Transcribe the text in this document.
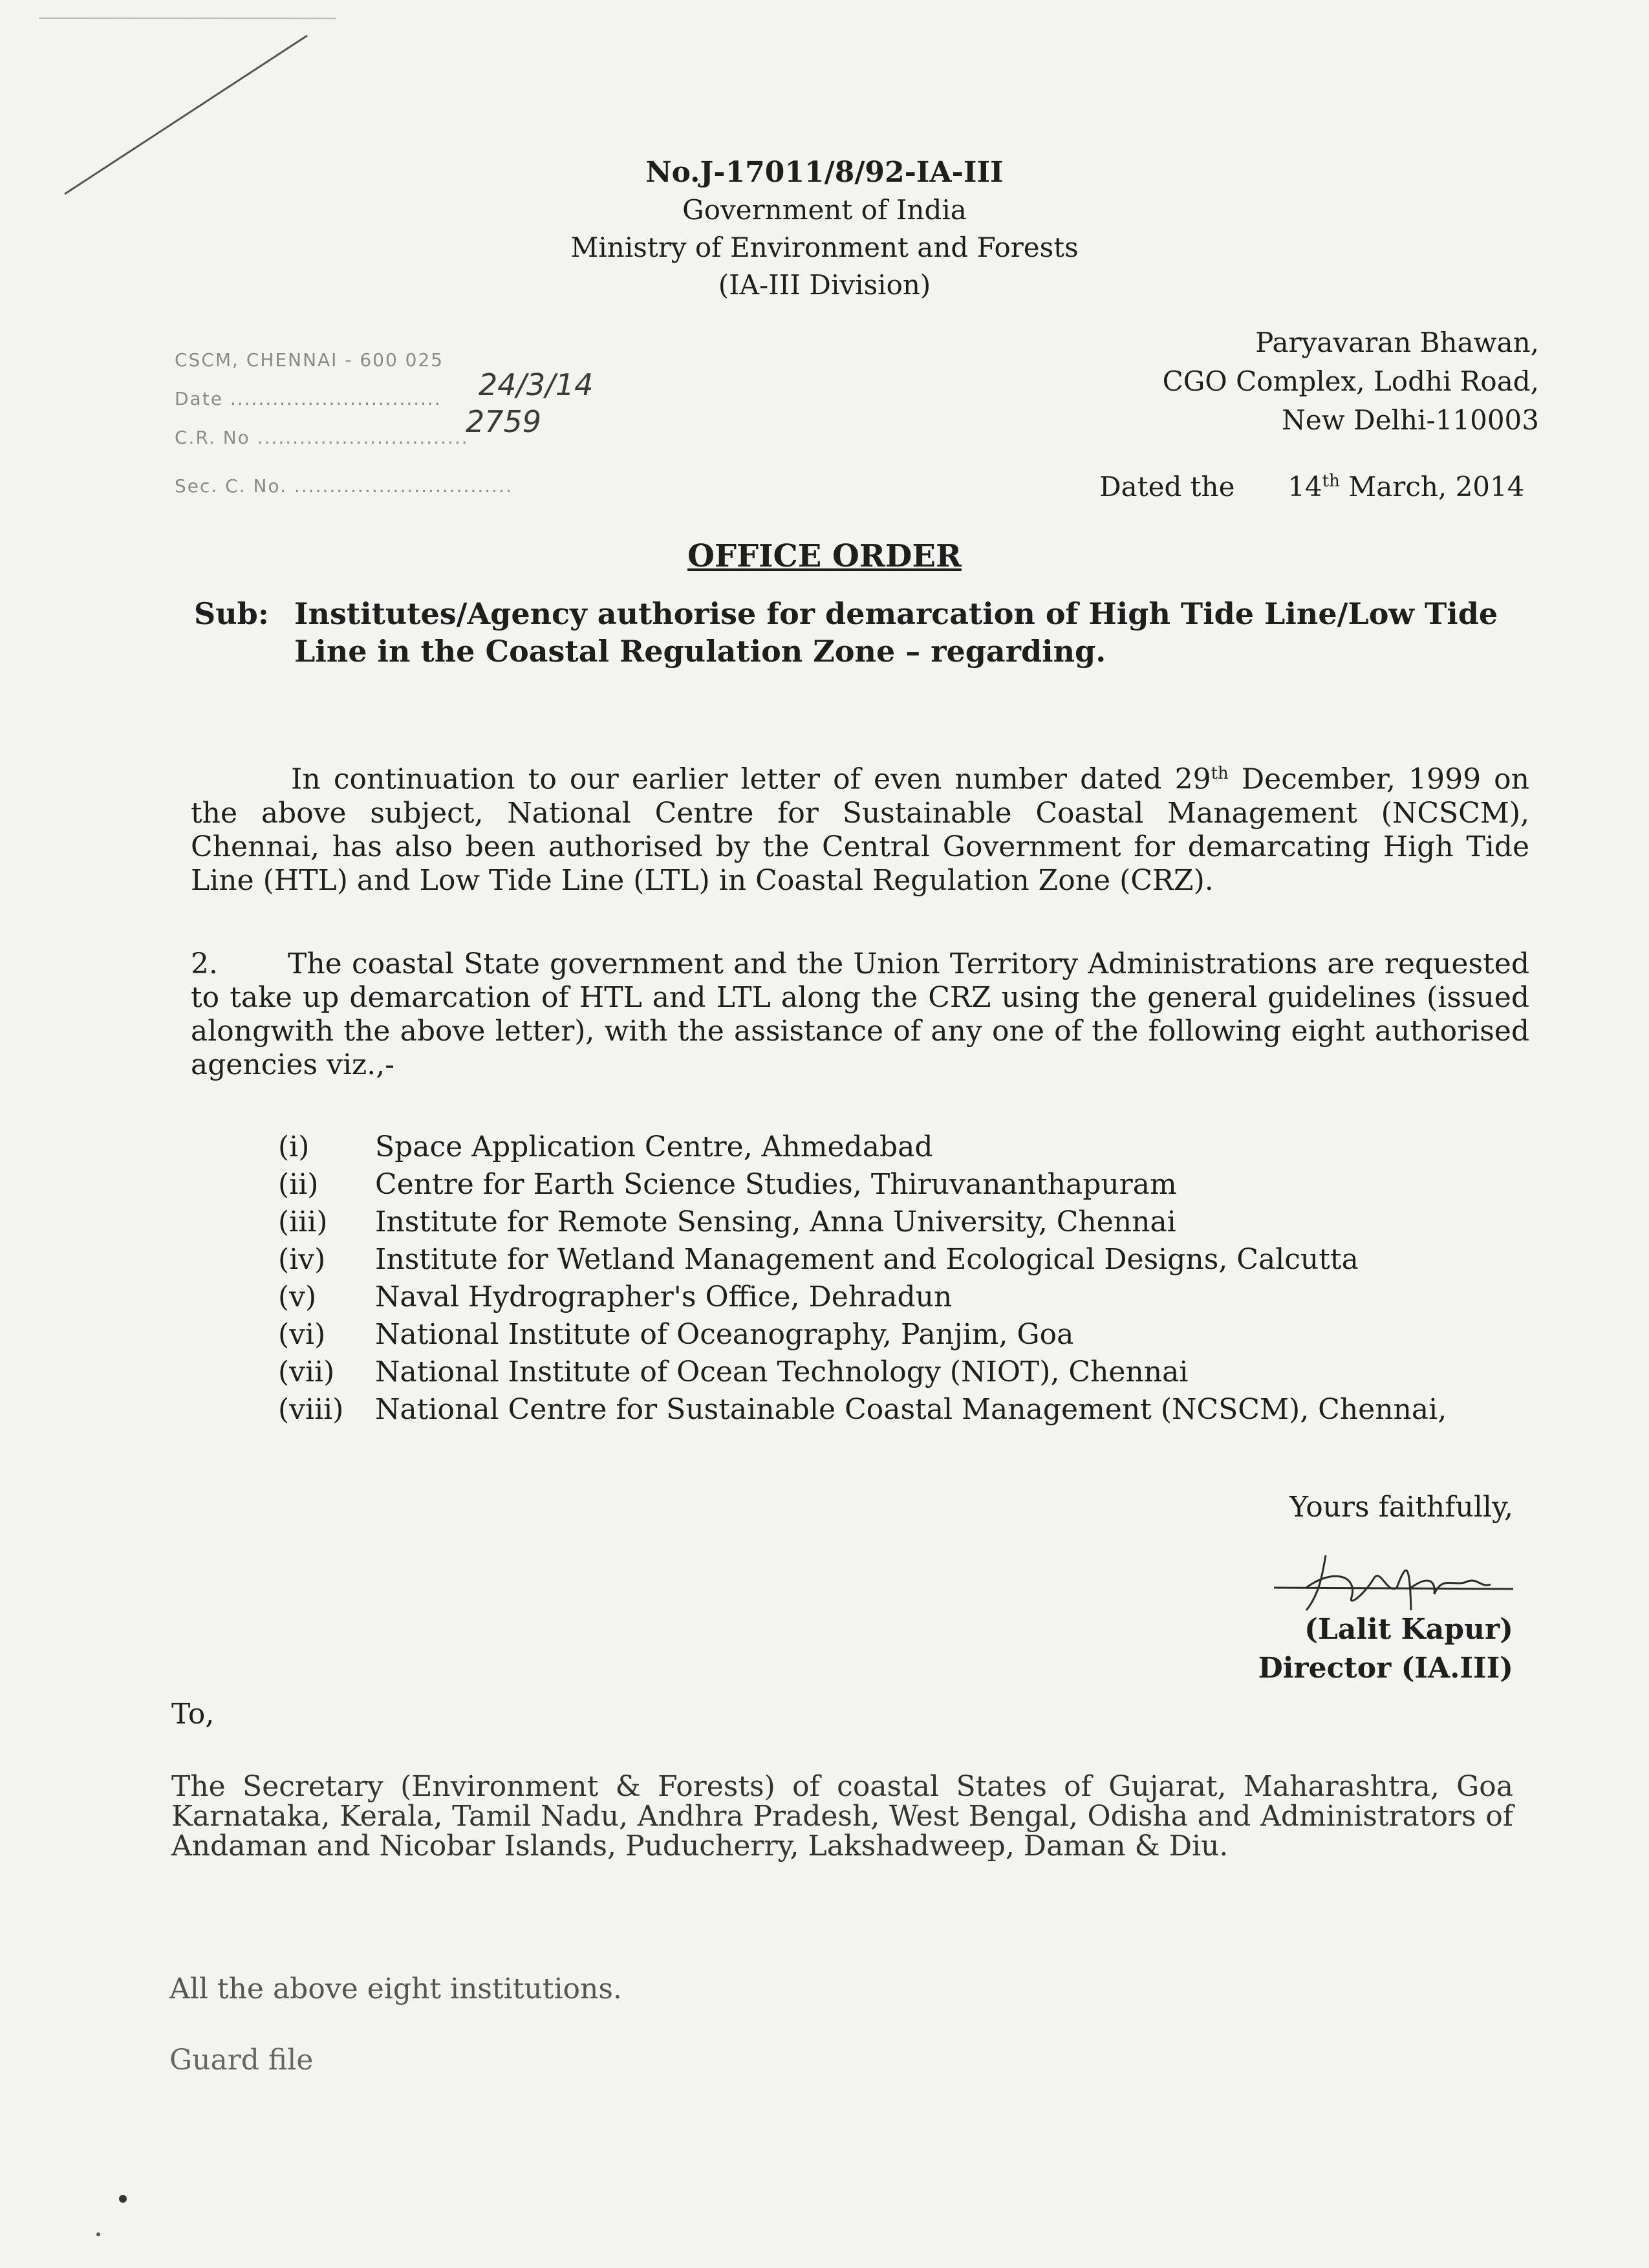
No.J-17011/8/92-IA-III
Government of India
Ministry of Environment and Forests
(IA-III Division)
CSCM, CHENNAI - 600 025
Date .............................. 24/3/14
C.R. No ..............................
2759
Sec. C. No. ...............................
Paryavaran Bhawan,
CGO Complex, Lodhi Road,
New Delhi-110003
Dated the 14th March, 2014
OFFICE ORDER
Sub: Institutes/Agency authorise for demarcation of High Tide Line/Low Tide Line in the Coastal Regulation Zone – regarding.
In continuation to our earlier letter of even number dated 29th December, 1999 on the above subject, National Centre for Sustainable Coastal Management (NCSCM), Chennai, has also been authorised by the Central Government for demarcating High Tide Line (HTL) and Low Tide Line (LTL) in Coastal Regulation Zone (CRZ).
2. The coastal State government and the Union Territory Administrations are requested to take up demarcation of HTL and LTL along the CRZ using the general guidelines (issued alongwith the above letter), with the assistance of any one of the following eight authorised agencies viz.,-
(i)	Space Application Centre, Ahmedabad
(ii)	Centre for Earth Science Studies, Thiruvananthapuram
(iii)	Institute for Remote Sensing, Anna University, Chennai
(iv)	Institute for Wetland Management and Ecological Designs, Calcutta
(v)	Naval Hydrographer's Office, Dehradun
(vi)	National Institute of Oceanography, Panjim, Goa
(vii)	National Institute of Ocean Technology (NIOT), Chennai
(viii)	National Centre for Sustainable Coastal Management (NCSCM), Chennai,
Yours faithfully,
(Lalit Kapur)
Director (IA.III)
To,
The Secretary (Environment & Forests) of coastal States of Gujarat, Maharashtra, Goa Karnataka, Kerala, Tamil Nadu, Andhra Pradesh, West Bengal, Odisha and Administrators of Andaman and Nicobar Islands, Puducherry, Lakshadweep, Daman & Diu.
All the above eight institutions.
Guard file
